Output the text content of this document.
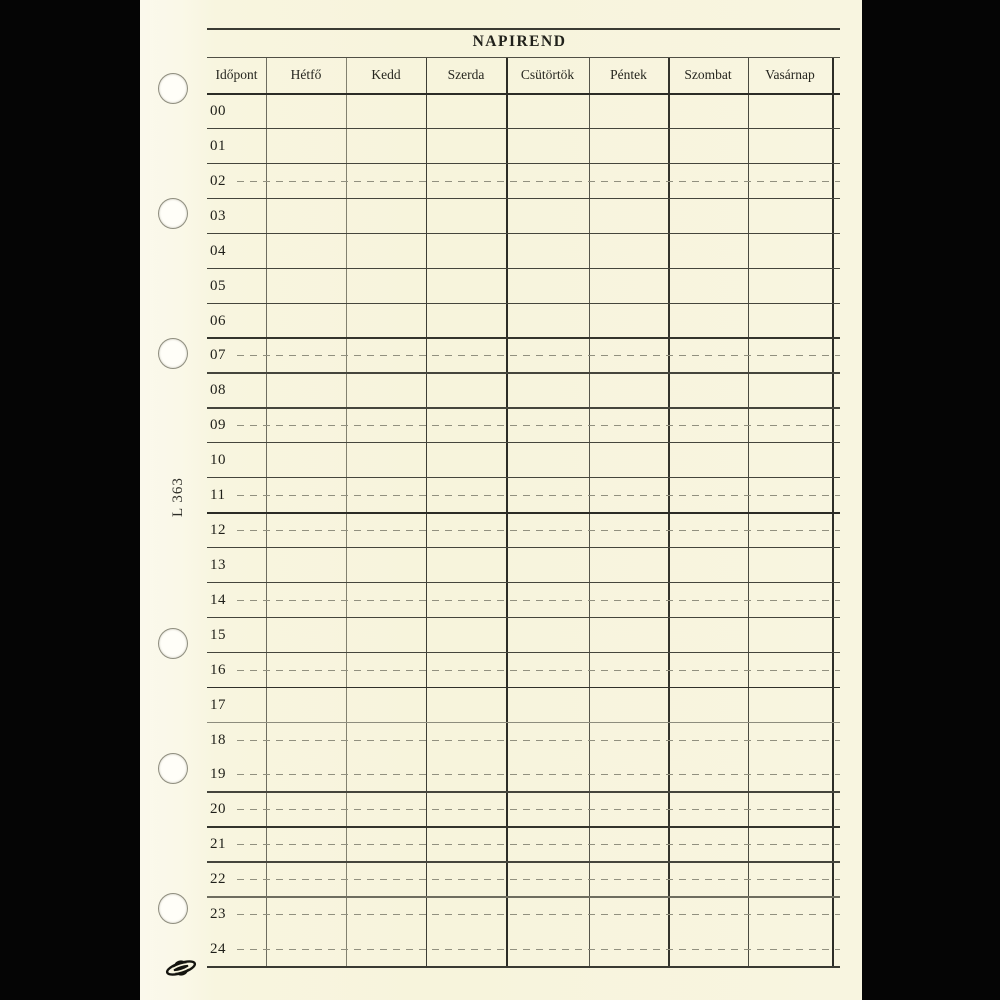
L 363
NAPIREND
Időpont	Hétfő	Kedd	Szerda	Csütörtök	Péntek	Szombat	Vasárnap
00
01
02
03
04
05
06
07
08
09
10
11
12
13
14
15
16
17
18
19
20
21
22
23
24
